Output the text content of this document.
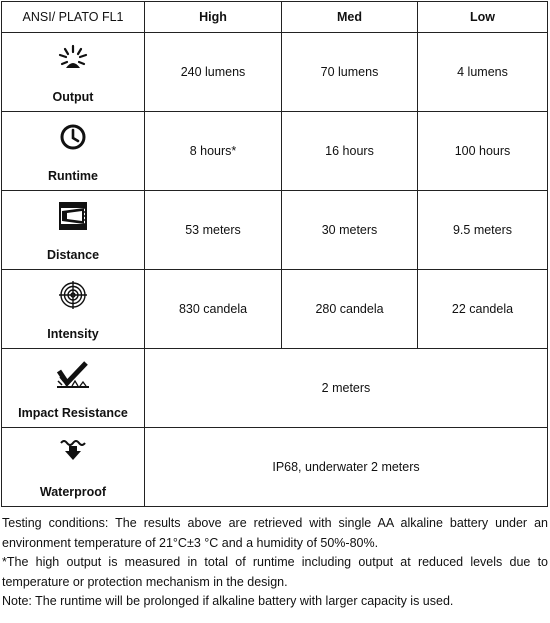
ANSI/ PLATO FL1	High	Med	Low

Output	240 lumens	70 lumens	4 lumens

Runtime	8 hours*	16 hours	100 hours

Distance	53 meters	30 meters	9.5 meters

Intensity	830 candela	280 candela	22 candela

Impact Resistance	2 meters		

Waterproof	IP68, underwater 2 meters		

Testing conditions: The results above are retrieved with single AA alkaline battery under an environment temperature of 21°C±3 °C and a humidity of 50%-80%.

*The high output is measured in total of runtime including output at reduced levels due to temperature or protection mechanism in the design.

Note: The runtime will be prolonged if alkaline battery with larger capacity is used.
